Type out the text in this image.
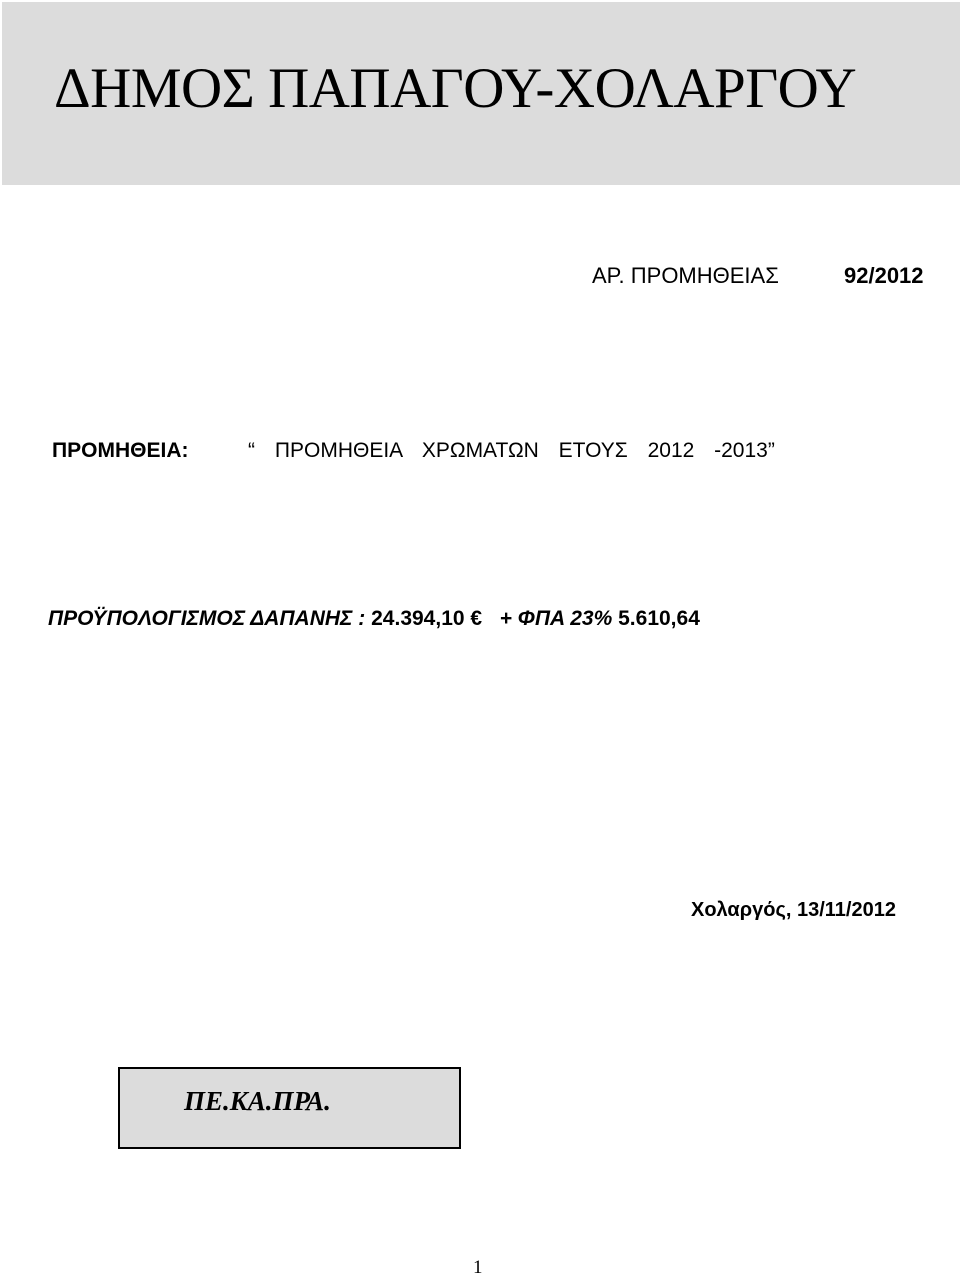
ΔΗΜΟΣ ΠΑΠΑΓΟΥ-ΧΟΛΑΡΓΟΥ
ΑΡ. ΠΡΟΜΗΘΕΙΑΣ	92/2012
ΠΡΟΜΗΘΕΙΑ:	“ ΠΡΟΜΗΘΕΙΑ ΧΡΩΜΑΤΩΝ ΕΤΟΥΣ 2012 -2013”
ΠΡΟΫΠΟΛΟΓΙΣΜΟΣ ΔΑΠΑΝΗΣ : 24.394,10 € + ΦΠΑ 23% 5.610,64
Χολαργός, 13/11/2012
ΠΕ.ΚΑ.ΠΡΑ.
1
